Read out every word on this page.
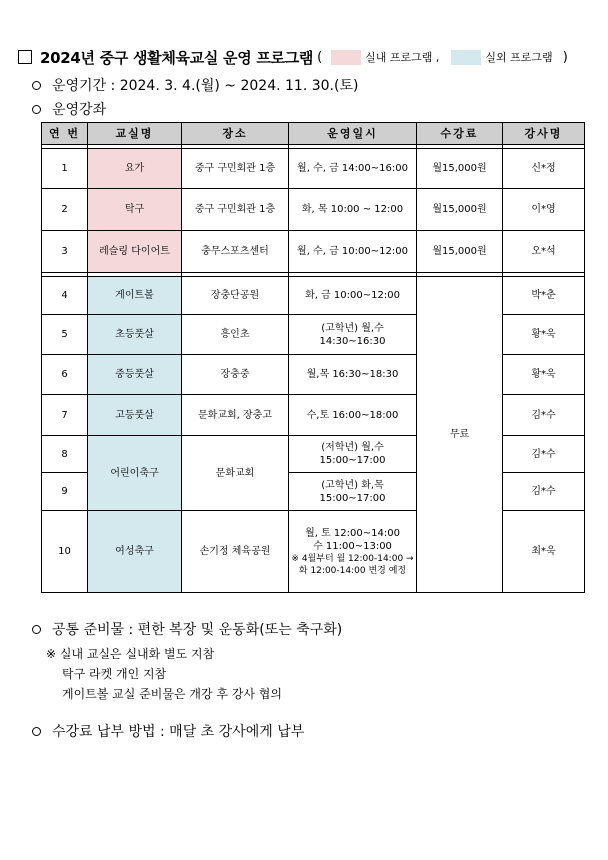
2024년 중구 생활체육교실 운영 프로그램 (	실내 프로그램 ,	실외 프로그램 )
운영기간 : 2024. 3. 4.(월) ~ 2024. 11. 30.(토)
운영강좌
연 번	교실명	장소	운영일시	수강료	강사명

1	요가	중구 구민회관 1층	월, 수, 금 14:00~16:00	월15,000원	신*정
2	탁구	중구 구민회관 1층	화, 목 10:00 ~ 12:00	월15,000원	이*영
3	레슬링 다이어트	충무스포츠센터	월, 수, 금 10:00~12:00	월15,000원	오*석

4	게이트볼	장충단공원	화, 금 10:00~12:00	무료	박*춘
5	초등풋살	흥인초	(고학년) 월,수 14:30~16:30		황*욱
6	중등풋살	장충중	월,목 16:30~18:30		황*욱
7	고등풋살	문화교회, 장충고	수,토 16:00~18:00		김*수
8	어린이축구	문화교회	(저학년) 월,수 15:00~17:00		김*수
9			(고학년) 화,목 15:00~17:00		김*수
10	여성축구	손기정 체육공원	월, 토 12:00~14:00
수 11:00~13:00
※ 4월부터 월 12:00-14:00 →
화 12:00-14:00 변경 예정		최*욱
공통 준비물 : 편한 복장 및 운동화(또는 축구화)
※ 실내 교실은 실내화 별도 지참
탁구 라켓 개인 지참
게이트볼 교실 준비물은 개강 후 강사 협의
수강료 납부 방법 : 매달 초 강사에게 납부
